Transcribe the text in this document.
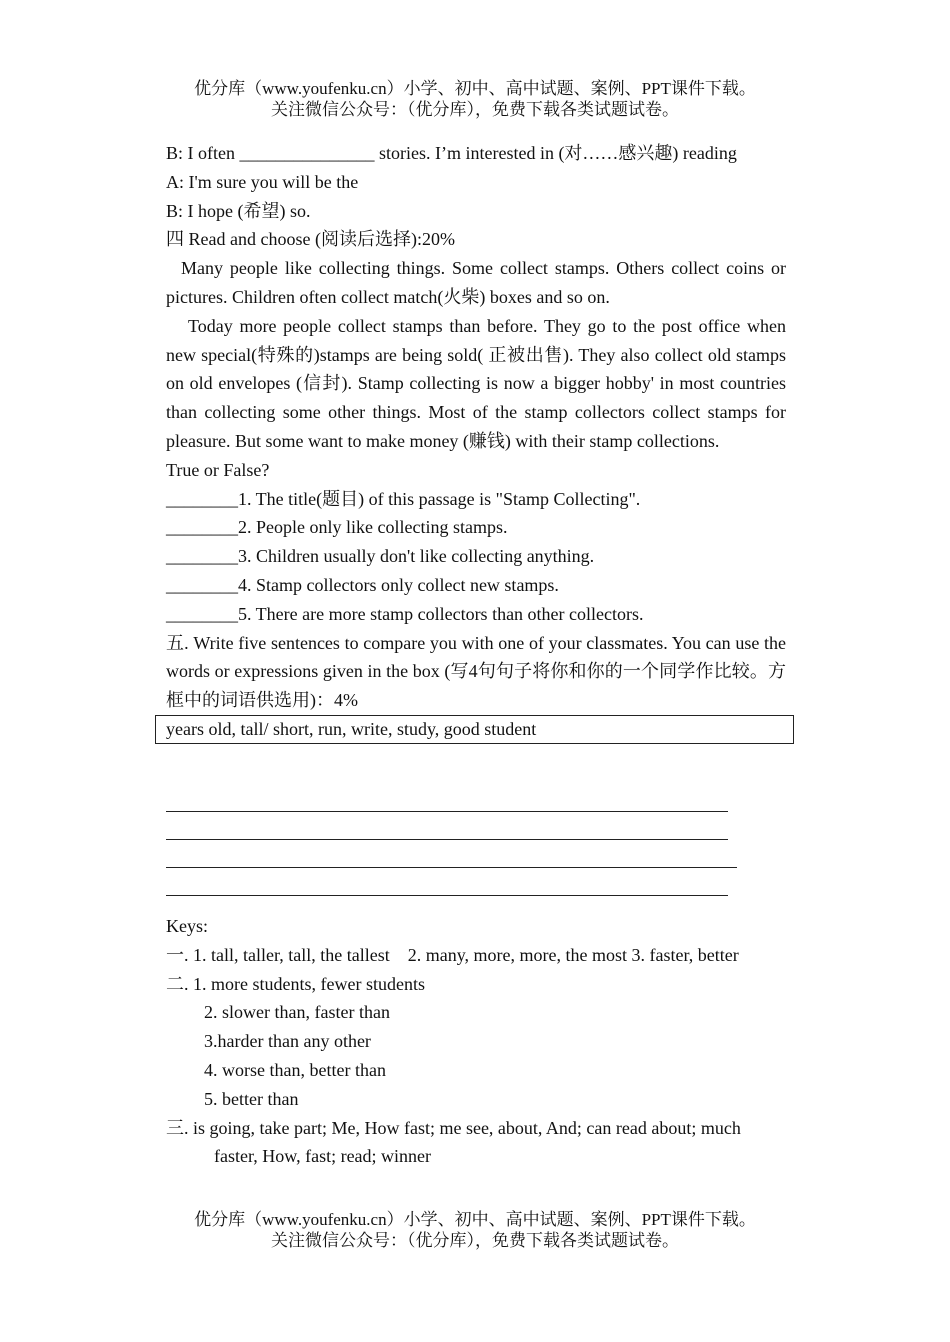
优分库（www.youfenku.cn）小学、初中、高中试题、案例、PPT课件下载。
关注微信公众号：（优分库），免费下载各类试题试卷。
B: I often _______________ stories. I’m interested in (对……感兴趣) reading
A: I'm sure you will be the
B: I hope (希望) so.
四 Read and choose (阅读后选择):20%
Many people like collecting things. Some collect stamps. Others collect coins or pictures. Children often collect match(火柴) boxes and so on.
Today more people collect stamps than before. They go to the post office when new special(特殊的)stamps are being sold( 正被出售). They also collect old stamps on old envelopes (信封). Stamp collecting is now a bigger hobby' in most countries than collecting some other things. Most of the stamp collectors collect stamps for pleasure. But some want to make money (赚钱) with their stamp collections.
True or False?
________1. The title(题目) of this passage is "Stamp Collecting".
________2. People only like collecting stamps.
________3. Children usually don't like collecting anything.
________4. Stamp collectors only collect new stamps.
________5. There are more stamp collectors than other collectors.
五. Write five sentences to compare you with one of your classmates. You can use the words or expressions given in the box (写4句句子将你和你的一个同学作比较。方框中的词语供选用)：4%
years old, tall/ short, run, write, study, good student
Keys:
一. 1. tall, taller, tall, the tallest    2. many, more, more, the most 3. faster, better
二. 1. more students, fewer students
2. slower than, faster than
3.harder than any other
4. worse than, better than
5. better than
三. is going, take part; Me, How fast; me see, about, And; can read about; much
faster, How, fast; read; winner
优分库（www.youfenku.cn）小学、初中、高中试题、案例、PPT课件下载。
关注微信公众号：（优分库），免费下载各类试题试卷。
